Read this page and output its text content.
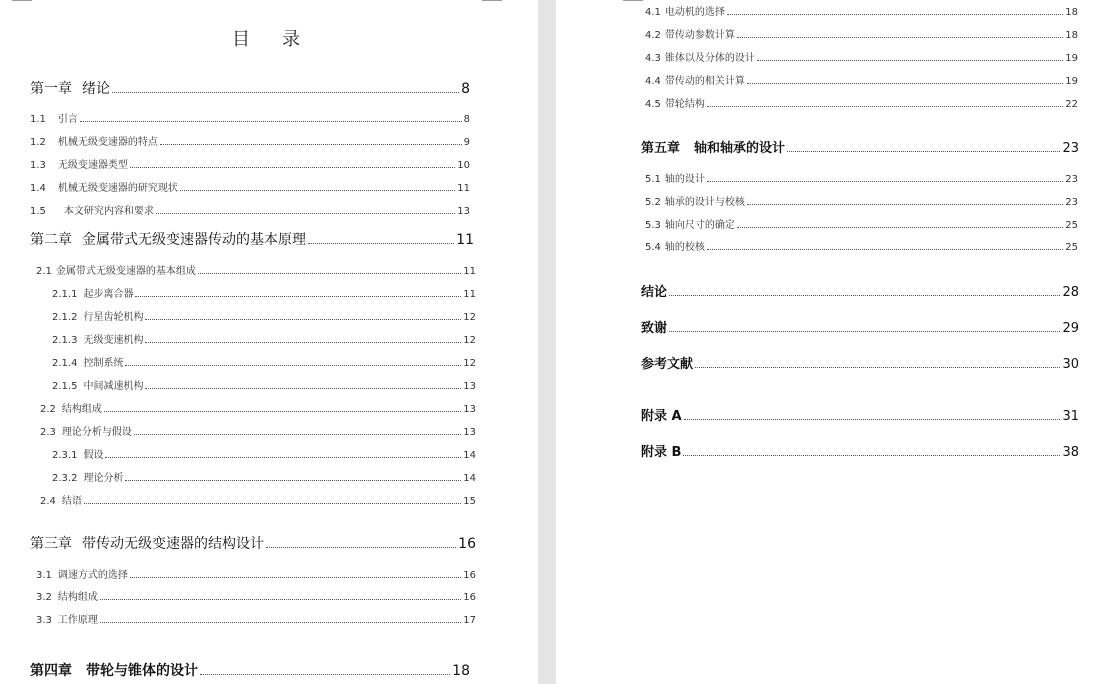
目 录
第一章 绪论	8
1.1 引言	8
1.2 机械无级变速器的特点	9
1.3 无级变速器类型	10
1.4 机械无级变速器的研究现状	11
1.5 本文研究内容和要求	13
第二章 金属带式无级变速器传动的基本原理	11
2.1 金属带式无级变速器的基本组成	11
2.1.1 起步离合器	11
2.1.2 行星齿轮机构	12
2.1.3 无级变速机构	12
2.1.4 控制系统	12
2.1.5 中间减速机构	13
2.2 结构组成	13
2.3 理论分析与假设	13
2.3.1 假设	14
2.3.2 理论分析	14
2.4 结语	15
第三章 带传动无级变速器的结构设计	16
3.1 调速方式的选择	16
3.2 结构组成	16
3.3 工作原理	17
第四章 带轮与锥体的设计	18
4.1 电动机的选择	18
4.2 带传动参数计算	18
4.3 锥体以及分体的设计	19
4.4 带传动的相关计算	19
4.5 带轮结构	22
第五章 轴和轴承的设计	23
5.1 轴的设计	23
5.2 轴承的设计与校核	23
5.3 轴向尺寸的确定	25
5.4 轴的校核	25
结论	28
致谢	29
参考文献	30
附录 A	31
附录 B	38
